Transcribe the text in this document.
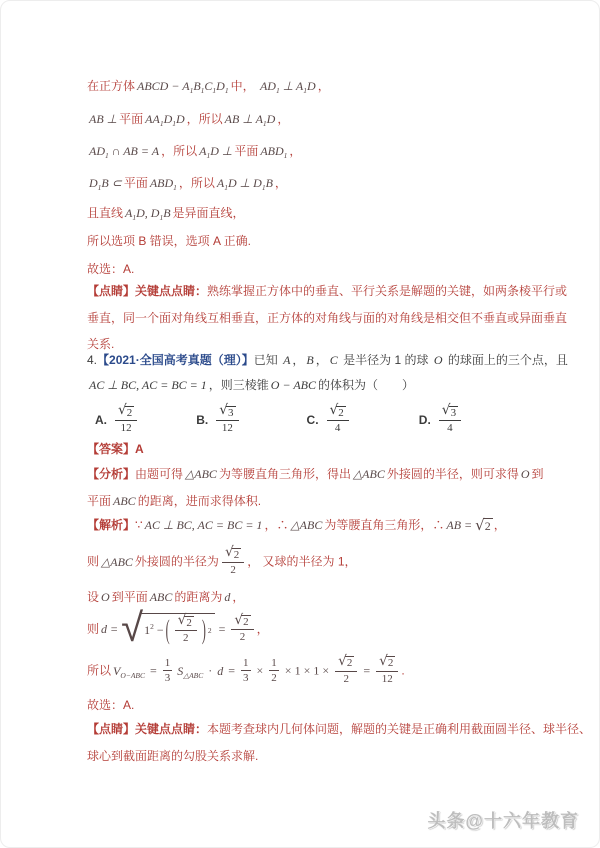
在正方体 ABCD − $A_1B_1C_1D_1$ 中， $AD_1$ ⊥ $A_1D$ ，
AB ⊥ 平面 $AA_1D_1D$ ，所以 AB ⊥ $A_1D$ ，
$AD_1$ ∩ AB = A ，所以 $A_1D$ ⊥ 平面 $ABD_1$ ，
$D_1B$ ⊂ 平面 $ABD_1$ ，所以 $A_1D$ ⊥ $D_1B$ ，
且直线 $A_1D$, $D_1B$ 是异面直线，
所以选项 B 错误，选项 A 正确.
故选：A.
【点睛】关键点点睛：熟练掌握正方体中的垂直、平行关系是解题的关键，如两条棱平行或
垂直，同一个面对角线互相垂直，正方体的对角线与面的对角线是相交但不垂直或异面垂直
关系.
4.【2021·全国高考真题（理）】已知 A ， B ， C 是半径为 1 的球 O 的球面上的三个点，且
AC ⊥ BC, AC = BC = 1 ，则三棱锥 O − ABC 的体积为（　　）
A. $\frac{√ 2}{12}$	B. $\frac{√ 3}{12}$	C. $\frac{√ 2}{4}$	D. $\frac{√ 3}{4}$
【答案】A
【分析】由题可得 △ABC 为等腰直角三角形，得出 △ABC 外接圆的半径，则可求得 O 到
平面 ABC 的距离，进而求得体积.
【解析】∵ AC ⊥ BC, AC = BC = 1 ，∴ △ABC 为等腰直角三角形，∴ AB = √ 2 ，
则 △ABC 外接圆的半径为 $\frac{√ 2}{2}$ ， 又球的半径为 1，
设 O 到平面 ABC 的距离为 d ，
则 d = √ $1^2$ − ( $\frac{√ 2}{2}$ ) $2 = \frac{√ 2}{2}$ ，
所以 $V_{O-ABC} = \frac{1}{3} S_{\triangle ABC} \cdot d = \frac{1}{3} \times \frac{1}{2} \times 1 \times 1 \times \frac{√ 2}{2} = \frac{√ 2}{12}$ .
故选：A.
【点睛】关键点点睛：本题考查球内几何体问题，解题的关键是正确利用截面圆半径、球半径、
球心到截面距离的勾股关系求解.
头条@十六年教育
